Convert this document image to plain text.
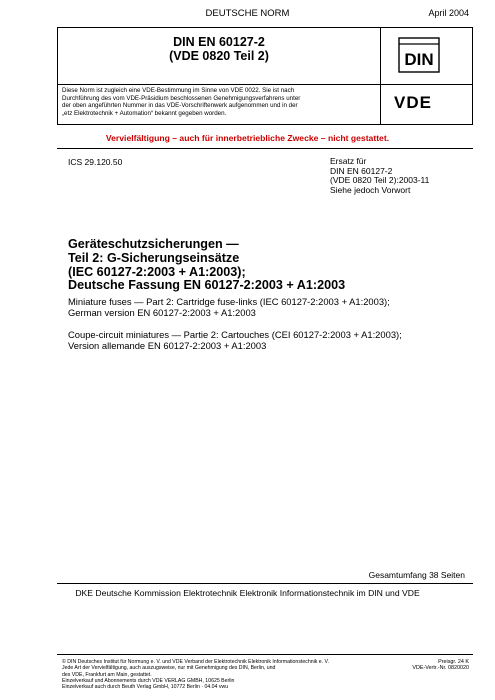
DEUTSCHE NORM	April 2004
DIN EN 60127-2
(VDE 0820 Teil 2)	DIN
Diese Norm ist zugleich eine VDE-Bestimmung im Sinne von VDE 0022. Sie ist nach
Durchführung des vom VDE-Präsidium beschlossenen Genehmigungsverfahrens unter
der oben angeführten Nummer in das VDE-Vorschriftenwerk aufgenommen und in der
„etz Elektrotechnik + Automation“ bekannt gegeben worden.
VDE
Vervielfältigung – auch für innerbetriebliche Zwecke – nicht gestattet.
ICS 29.120.50	Ersatz für
DIN EN 60127-2
(VDE 0820 Teil 2):2003-11
Siehe jedoch Vorwort
Geräteschutzsicherungen —
Teil 2: G-Sicherungseinsätze
(IEC 60127-2:2003 + A1:2003);
Deutsche Fassung EN 60127-2:2003 + A1:2003
Miniature fuses — Part 2: Cartridge fuse-links (IEC 60127-2:2003 + A1:2003);
German version EN 60127-2:2003 + A1:2003
Coupe-circuit miniatures — Partie 2: Cartouches (CEI 60127-2:2003 + A1:2003);
Version allemande EN 60127-2:2003 + A1:2003
Gesamtumfang 38 Seiten
DKE Deutsche Kommission Elektrotechnik Elektronik Informationstechnik im DIN und VDE
© DIN Deutsches Institut für Normung e. V. und VDE Verband der Elektrotechnik Elektronik Informationstechnik e. V.
Jede Art der Vervielfältigung, auch auszugsweise, nur mit Genehmigung des DIN, Berlin, und
des VDE, Frankfurt am Main, gestattet.
Einzelverkauf und Abonnements durch VDE VERLAG GMBH, 10625 Berlin
Einzelverkauf auch durch Beuth Verlag GmbH, 10772 Berlin · 04.04 vwu
Preisgr. 24 K
VDE-Vertr.-Nr. 0820020
